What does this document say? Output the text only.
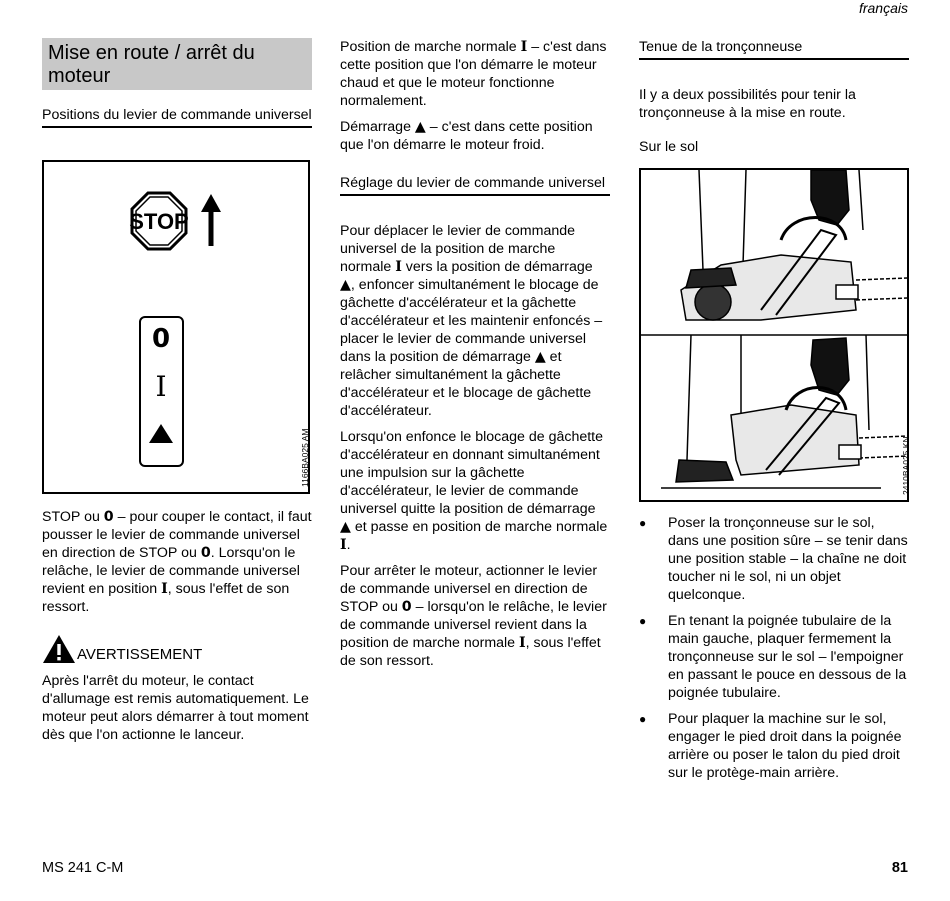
français
Mise en route / arrêt du moteur
Positions du levier de commande universel
STOP
0
I
1166BA025 AM

STOP ou 0 – pour couper le contact, il faut pousser le levier de commande universel en direction de STOP ou 0. Lorsqu'on le relâche, le levier de commande universel revient en position I, sous l'effet de son ressort.

AVERTISSEMENT

Après l'arrêt du moteur, le contact d'allumage est remis automatiquement. Le moteur peut alors démarrer à tout moment dès que l'on actionne le lanceur.

Position de marche normale I – c'est dans cette position que l'on démarre le moteur chaud et que le moteur fonctionne normalement.

Démarrage ▲ – c'est dans cette position que l'on démarre le moteur froid.

Réglage du levier de commande universel

Pour déplacer le levier de commande universel de la position de marche normale I vers la position de démarrage ▲, enfoncer simultanément le blocage de gâchette d'accélérateur et la gâchette d'accélérateur et les maintenir enfoncés – placer le levier de commande universel dans la position de démarrage ▲ et relâcher simultanément la gâchette d'accélérateur et le blocage de gâchette d'accélérateur.

Lorsqu'on enfonce le blocage de gâchette d'accélérateur en donnant simultanément une impulsion sur la gâchette d'accélérateur, le levier de commande universel quitte la position de démarrage ▲ et passe en position de marche normale I.

Pour arrêter le moteur, actionner le levier de commande universel en direction de STOP ou 0 – lorsqu'on le relâche, le levier de commande universel revient dans la position de marche normale I, sous l'effet de son ressort.

Tenue de la tronçonneuse

Il y a deux possibilités pour tenir la tronçonneuse à la mise en route.

Sur le sol

2410BA025 KN
● Poser la tronçonneuse sur le sol, dans une position sûre – se tenir dans une position stable – la chaîne ne doit toucher ni le sol, ni un objet quelconque.
● En tenant la poignée tubulaire de la main gauche, plaquer fermement la tronçonneuse sur le sol – l'empoigner en passant le pouce en dessous de la poignée tubulaire.
● Pour plaquer la machine sur le sol, engager le pied droit dans la poignée arrière ou poser le talon du pied droit sur le protège-main arrière.
MS 241 C-M	81
